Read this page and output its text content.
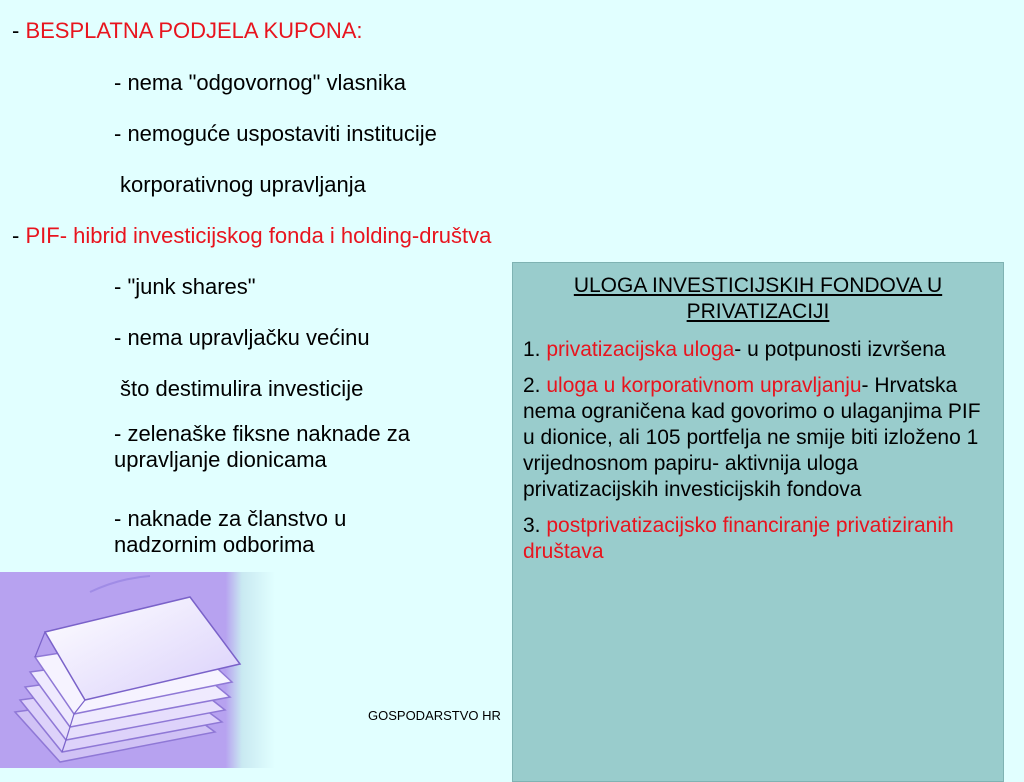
- BESPLATNA PODJELA KUPONA:
- nema "odgovornog" vlasnika
- nemoguće uspostaviti institucije
korporativnog upravljanja
- PIF- hibrid investicijskog fonda i holding-društva
- "junk shares"
- nema upravljačku većinu
što destimulira investicije
- zelenaške fiksne naknade za upravljanje dionicama
- naknade za članstvo u nadzornim odborima
GOSPODARSTVO HR
ULOGA INVESTICIJSKIH FONDOVA U PRIVATIZACIJI

1. privatizacijska uloga- u potpunosti izvršena

2. uloga u korporativnom upravljanju- Hrvatska nema ograničena kad govorimo o ulaganjima PIF u dionice, ali 105 portfelja ne smije biti izloženo 1 vrijednosnom papiru- aktivnija uloga privatizacijskih investicijskih fondova

3. postprivatizacijsko financiranje privatiziranih društava
